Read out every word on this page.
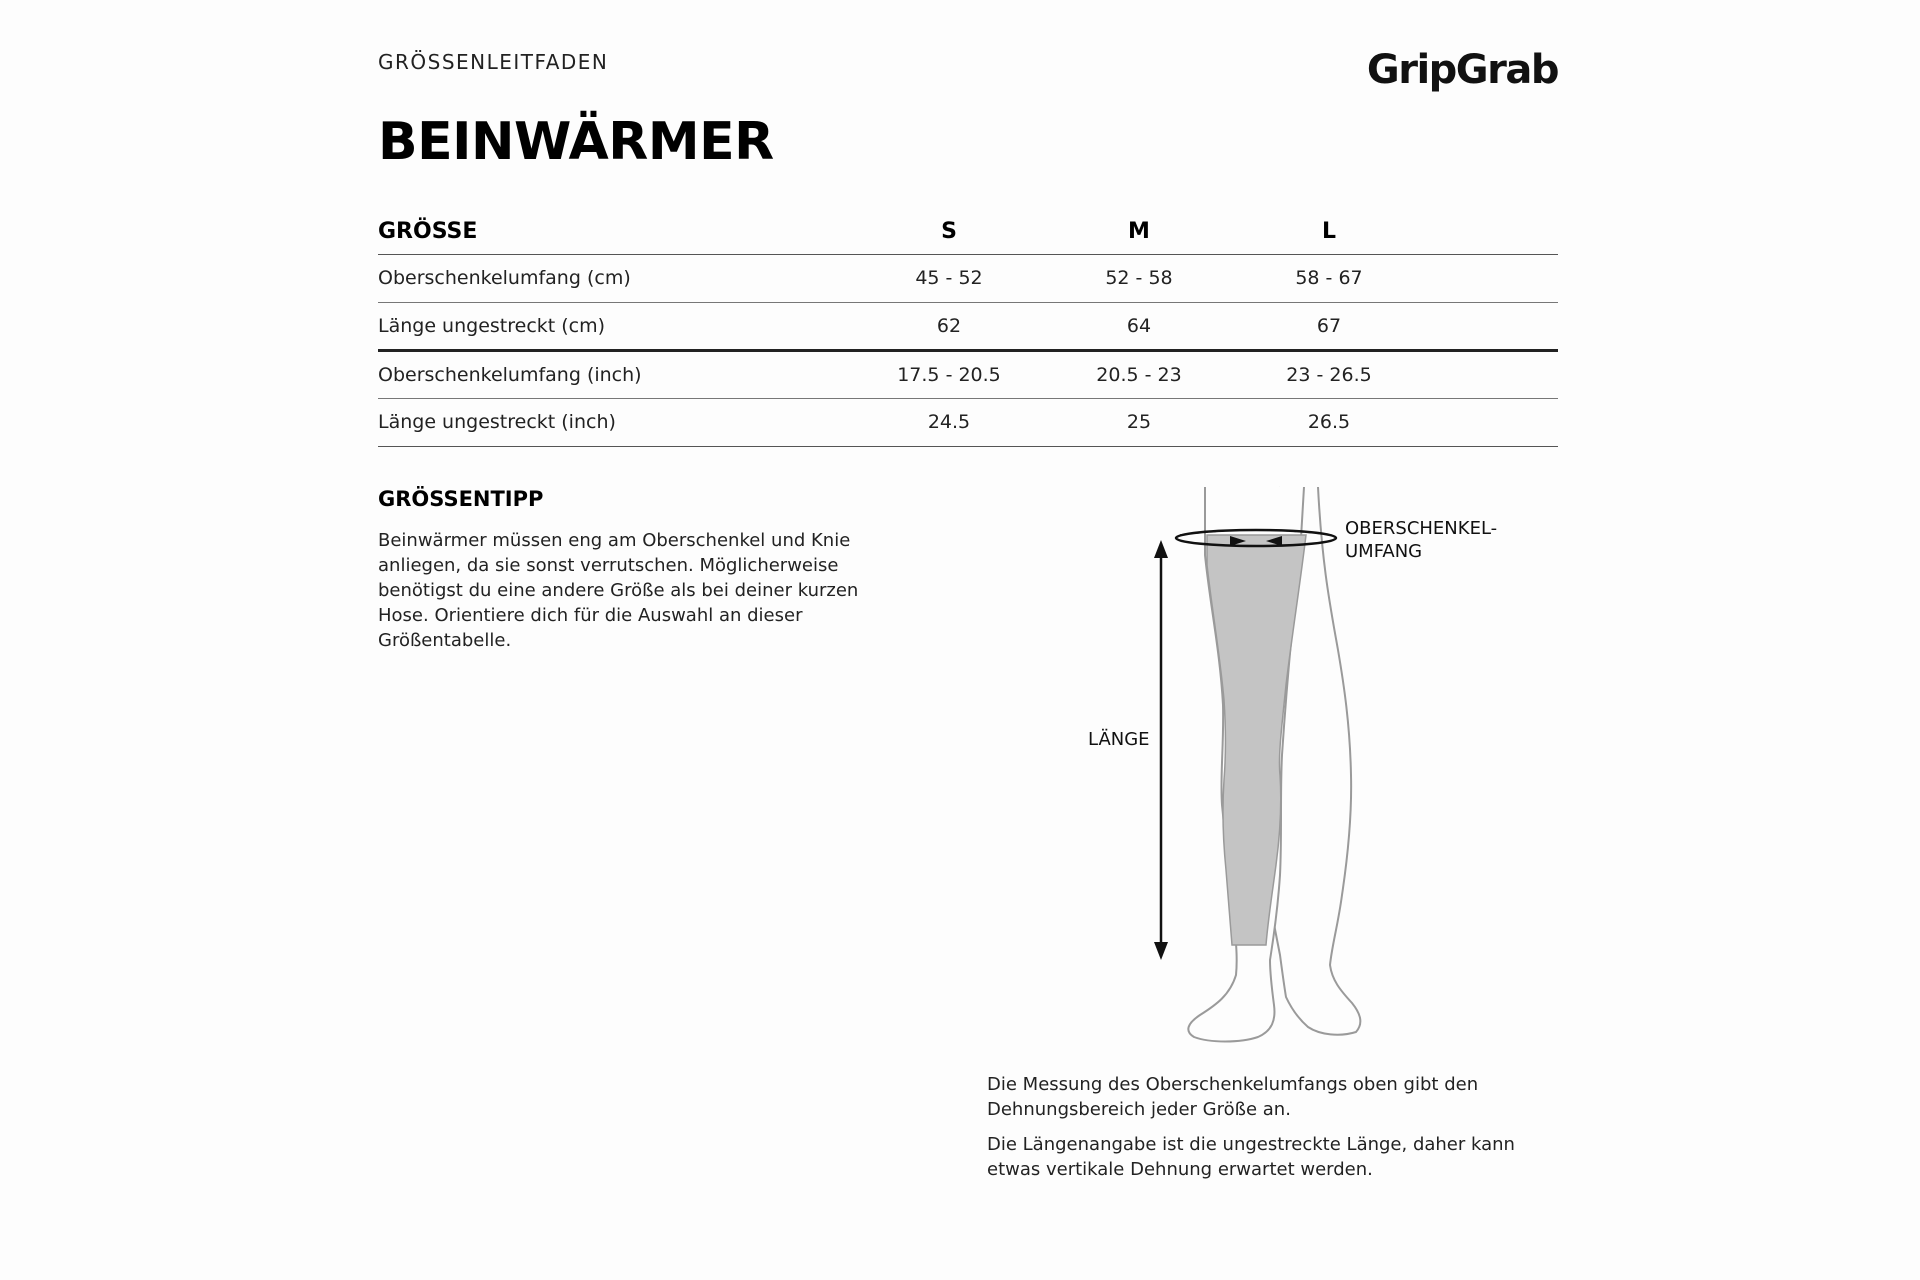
GRÖSSENLEITFADEN	GripGrab
BEINWÄRMER
GRÖSSE	S	M	L	
Oberschenkelumfang (cm)	45 - 52	52 - 58	58 - 67	
Länge ungestreckt (cm)	62	64	67	
Oberschenkelumfang (inch)	17.5 - 20.5	20.5 - 23	23 - 26.5	
Länge ungestreckt (inch)	24.5	25	26.5	
GRÖSSENTIPP

Beinwärmer müssen eng am Oberschenkel und Knie anliegen, da sie sonst verrutschen. Möglicherweise benötigst du eine andere Größe als bei deiner kurzen Hose. Orientiere dich für die Auswahl an dieser Größentabelle.

OBERSCHENKEL-
UMFANG
LÄNGE

Die Messung des Oberschenkelumfangs oben gibt den Dehnungsbereich jeder Größe an.

Die Längenangabe ist die ungestreckte Länge, daher kann etwas vertikale Dehnung erwartet werden.
